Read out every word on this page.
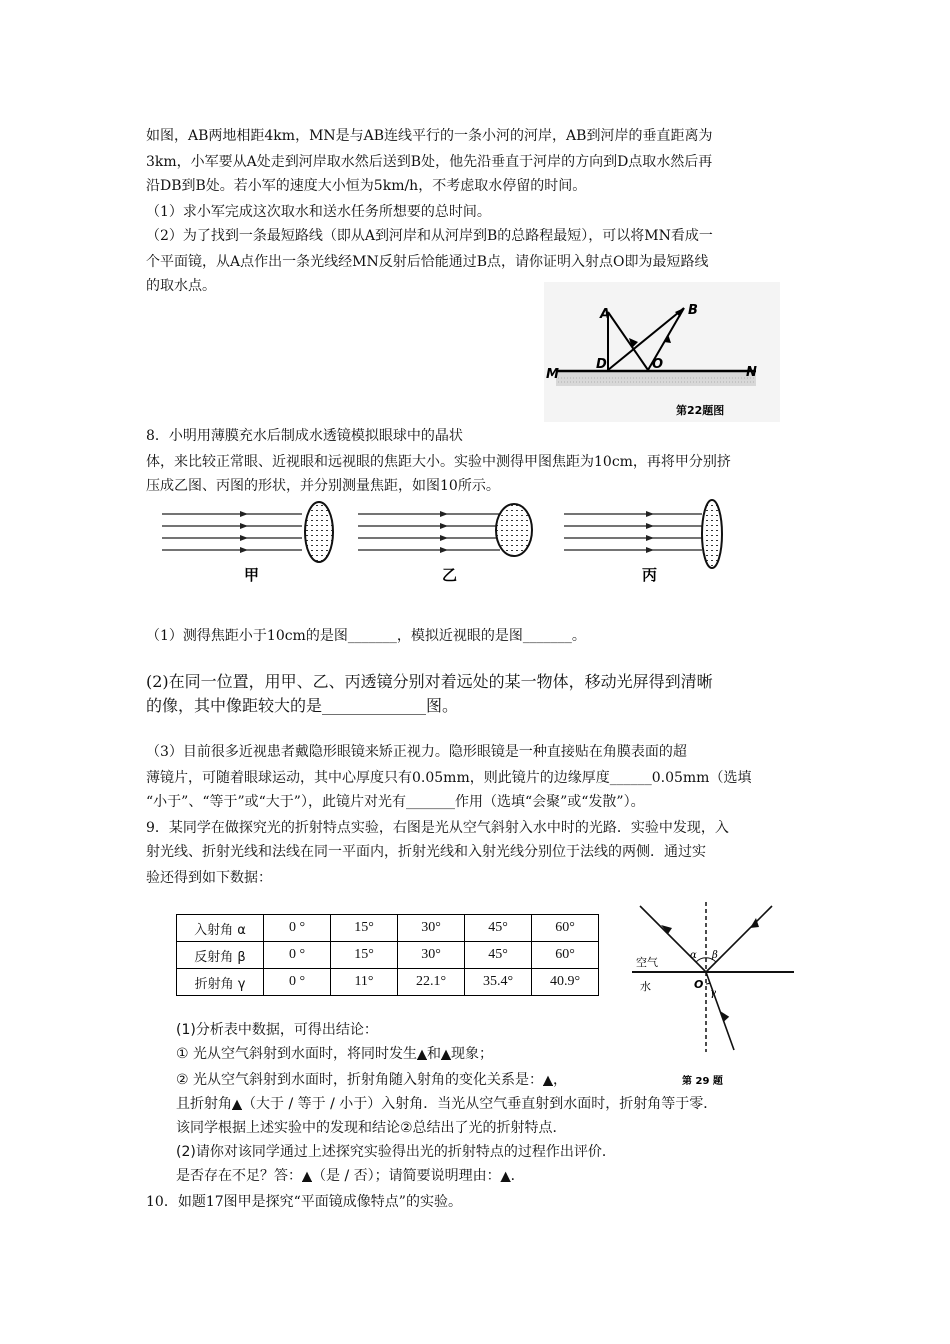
如图，AB两地相距4km，MN是与AB连线平行的一条小河的河岸，AB到河岸的垂直距离为
3km，小军要从A处走到河岸取水然后送到B处，他先沿垂直于河岸的方向到D点取水然后再
沿DB到B处。若小军的速度大小恒为5km/h，不考虑取水停留的时间。
（1）求小军完成这次取水和送水任务所想要的总时间。
（2）为了找到一条最短路线（即从A到河岸和从河岸到B的总路程最短），可以将MN看成一
个平面镜，从A点作出一条光线经MN反射后恰能通过B点，请你证明入射点O即为最短路线
的取水点。
A	B
D	O
M	N
第22题图
8．小明用薄膜充水后制成水透镜模拟眼球中的晶状
体，来比较正常眼、近视眼和远视眼的焦距大小。实验中测得甲图焦距为10cm，再将甲分别挤
压成乙图、丙图的形状，并分别测量焦距，如图10所示。
甲	乙	丙
（1）测得焦距小于10cm的是图_______，模拟近视眼的是图_______。
(2)在同一位置，用甲、乙、丙透镜分别对着远处的某一物体，移动光屏得到清晰
的像，其中像距较大的是_____________图。
（3）目前很多近视患者戴隐形眼镜来矫正视力。隐形眼镜是一种直接贴在角膜表面的超
薄镜片，可随着眼球运动，其中心厚度只有0.05mm，则此镜片的边缘厚度______0.05mm（选填
“小于”、“等于”或“大于”），此镜片对光有_______作用（选填“会聚”或“发散”）。
9．某同学在做探究光的折射特点实验，右图是光从空气斜射入水中时的光路．实验中发现，入
射光线、折射光线和法线在同一平面内，折射光线和入射光线分别位于法线的两侧．通过实
验还得到如下数据：
入射角 α	0 °	15°	30°	45°	60°
反射角 β	0 °	15°	30°	45°	60°
折射角 γ	0 °	11°	22.1°	35.4°	40.9°
α β
γ
O
空气
水
第 29 题
(1)分析表中数据，可得出结论：
① 光从空气斜射到水面时，将同时发生▲和▲现象；
② 光从空气斜射到水面时，折射角随入射角的变化关系是：▲，
且折射角▲（大于 / 等于 / 小于）入射角．当光从空气垂直射到水面时，折射角等于零．
该同学根据上述实验中的发现和结论②总结出了光的折射特点．
(2)请你对该同学通过上述探究实验得出光的折射特点的过程作出评价．
是否存在不足？答：▲（是 / 否）；请简要说明理由：▲．
10．如题17图甲是探究“平面镜成像特点”的实验。
